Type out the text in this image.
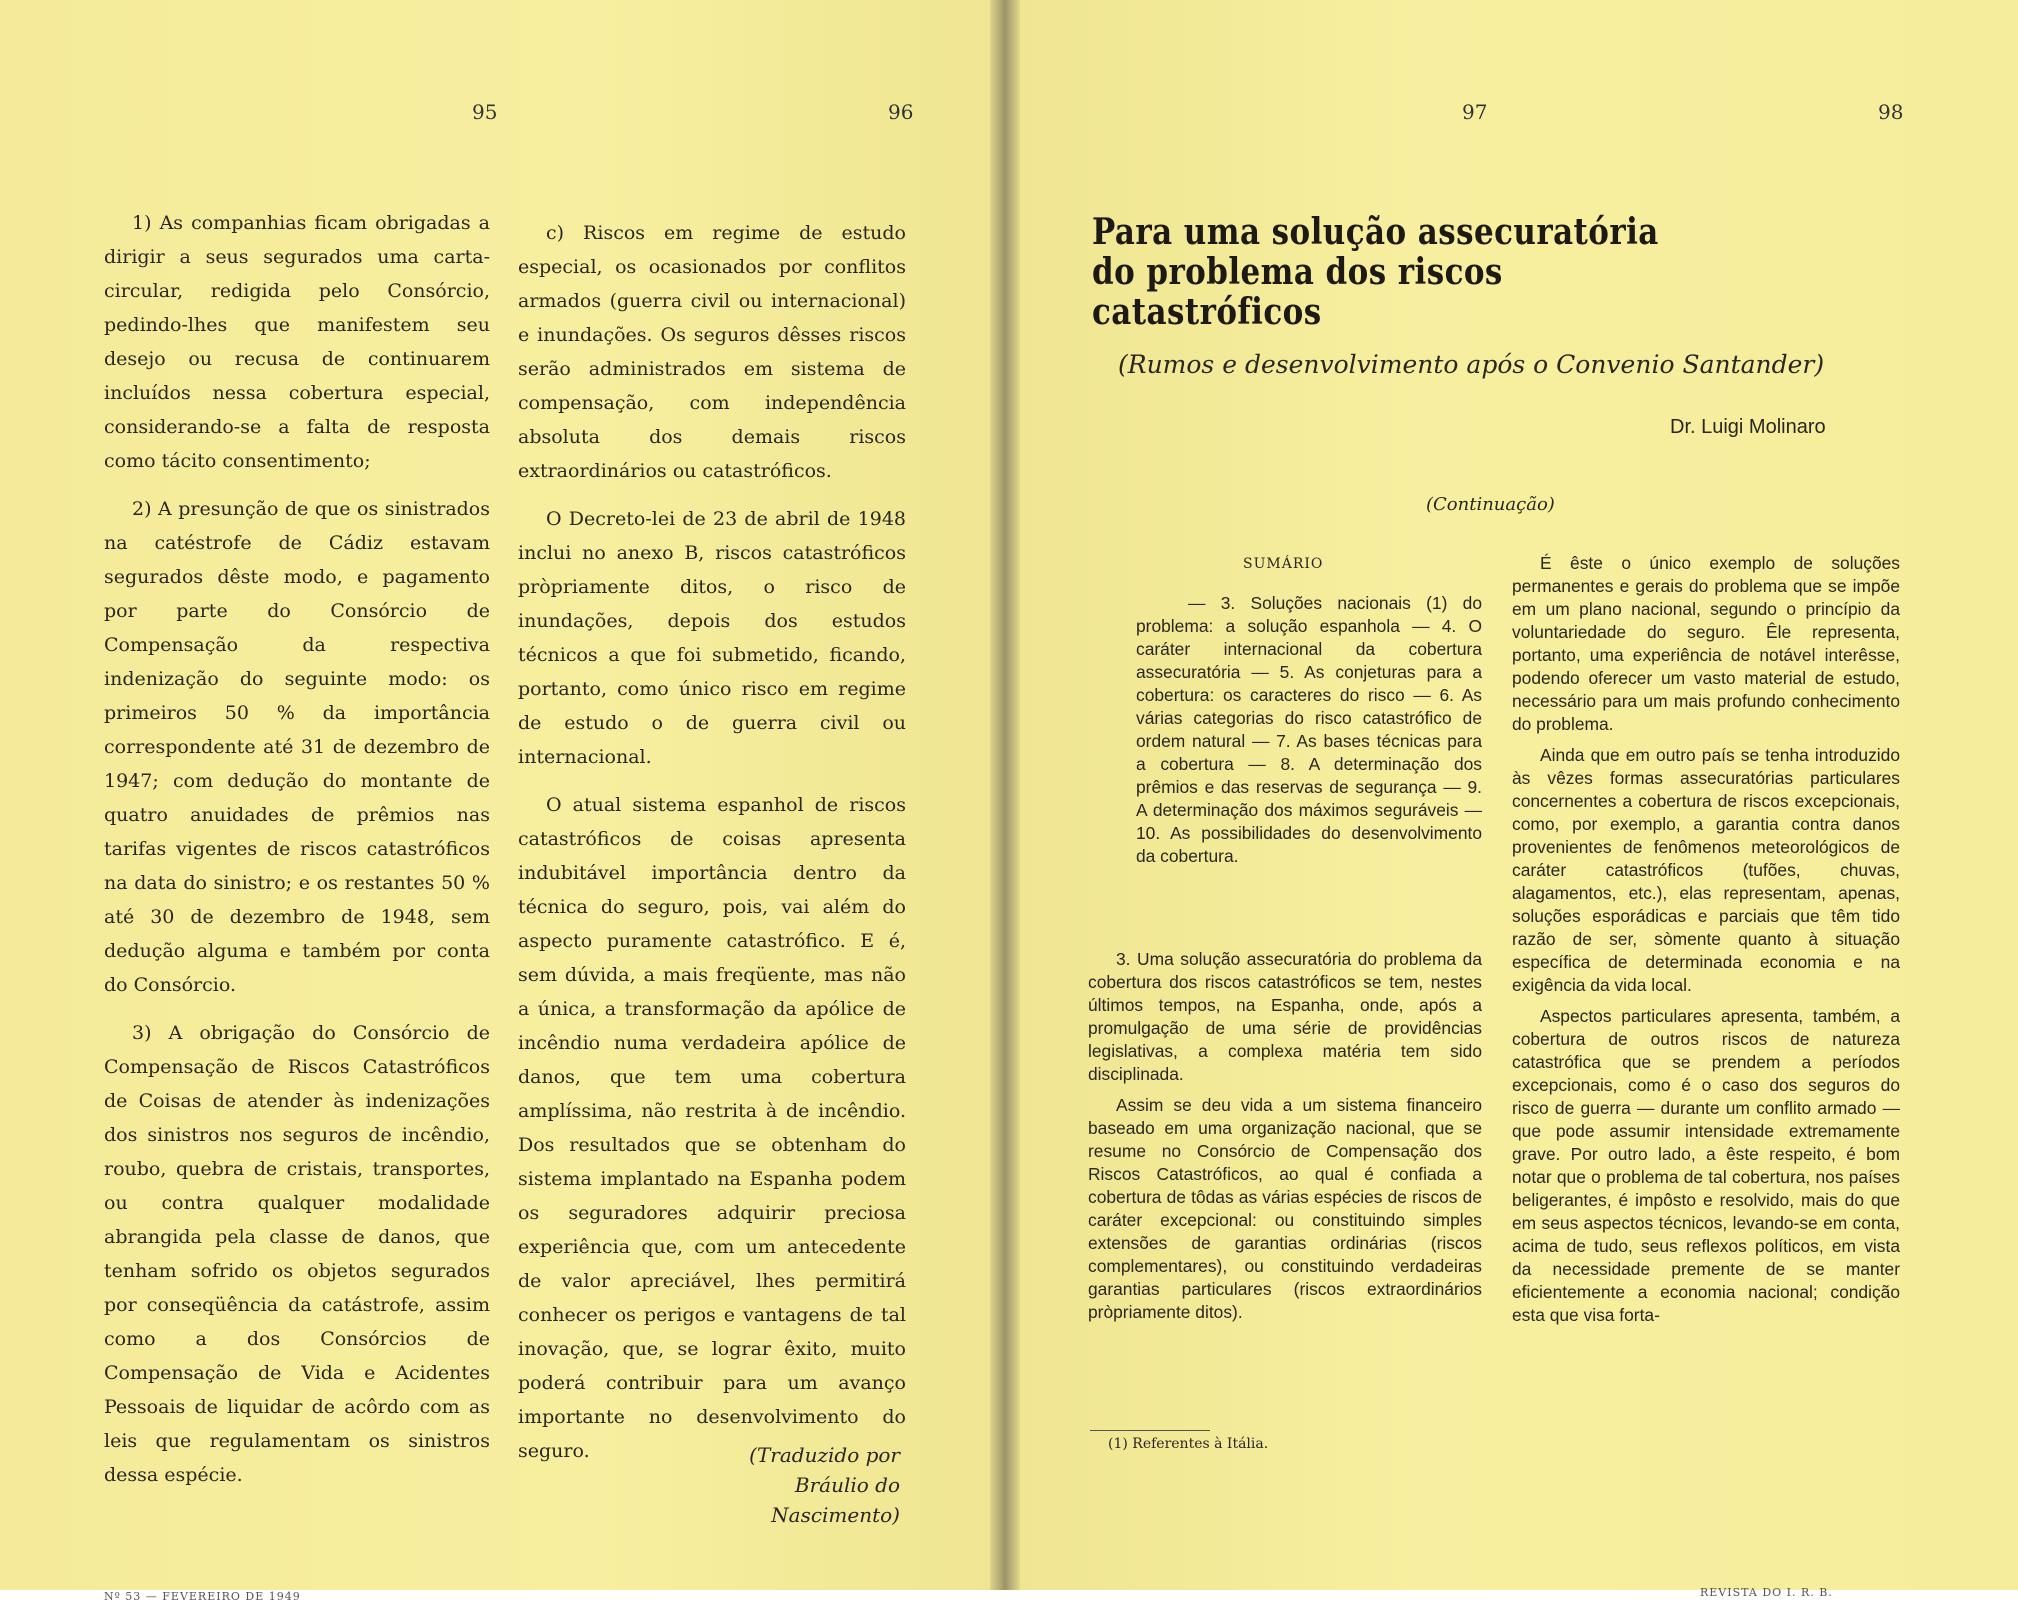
95	96	97	98

1) As companhias ficam obrigadas a dirigir a seus segurados uma carta-circular, redigida pelo Consórcio, pedindo-lhes que manifestem seu desejo ou recusa de continuarem incluídos nessa cobertura especial, considerando-se a falta de resposta como tácito consentimento;

2) A presunção de que os sinistrados na catéstrofe de Cádiz estavam segurados dêste modo, e pagamento por parte do Consórcio de Compensação da respectiva indenização do seguinte modo: os primeiros 50 % da importância correspondente até 31 de dezembro de 1947; com dedução do montante de quatro anuidades de prêmios nas tarifas vigentes de riscos catastróficos na data do sinistro; e os restantes 50 % até 30 de dezembro de 1948, sem dedução alguma e também por conta do Consórcio.

3) A obrigação do Consórcio de Compensação de Riscos Catastróficos de Coisas de atender às indenizações dos sinistros nos seguros de incêndio, roubo, quebra de cristais, transportes, ou contra qualquer modalidade abrangida pela classe de danos, que tenham sofrido os objetos segurados por conseqüência da catástrofe, assim como a dos Consórcios de Compensação de Vida e Acidentes Pessoais de liquidar de acôrdo com as leis que regulamentam os sinistros dessa espécie.

c) Riscos em regime de estudo especial, os ocasionados por conflitos armados (guerra civil ou internacional) e inundações. Os seguros dêsses riscos serão administrados em sistema de compensação, com independência absoluta dos demais riscos extraordinários ou catastróficos.

O Decreto-lei de 23 de abril de 1948 inclui no anexo B, riscos catastróficos pròpriamente ditos, o risco de inundações, depois dos estudos técnicos a que foi submetido, ficando, portanto, como único risco em regime de estudo o de guerra civil ou internacional.

O atual sistema espanhol de riscos catastróficos de coisas apresenta indubitável importância dentro da técnica do seguro, pois, vai além do aspecto puramente catastrófico. E é, sem dúvida, a mais freqüente, mas não a única, a transformação da apólice de incêndio numa verdadeira apólice de danos, que tem uma cobertura amplíssima, não restrita à de incêndio. Dos resultados que se obtenham do sistema implantado na Espanha podem os seguradores adquirir preciosa experiência que, com um antecedente de valor apreciável, lhes permitirá conhecer os perigos e vantagens de tal inovação, que, se lograr êxito, muito poderá contribuir para um avanço importante no desenvolvimento do seguro.	(Traduzido por
Bráulio do Nascimento)
Para uma solução assecuratória do problema dos riscos catastróficos
(Rumos e desenvolvimento após o Convenio Santander)
Dr. Luigi Molinaro
(Continuação)
SUMÁRIO

— 3. Soluções nacionais (1) do problema: a solução espanhola — 4. O caráter internacional da cobertura assecuratória — 5. As conjeturas para a cobertura: os caracteres do risco — 6. As várias categorias do risco catastrófico de ordem natural — 7. As bases técnicas para a cobertura — 8. A determinação dos prêmios e das reservas de segurança — 9. A determinação dos máximos seguráveis — 10. As possibilidades do desenvolvimento da cobertura.

3. Uma solução assecuratória do problema da cobertura dos riscos catastróficos se tem, nestes últimos tempos, na Espanha, onde, após a promulgação de uma série de providências legislativas, a complexa matéria tem sido disciplinada.

Assim se deu vida a um sistema financeiro baseado em uma organização nacional, que se resume no Consórcio de Compensação dos Riscos Catastróficos, ao qual é confiada a cobertura de tôdas as várias espécies de riscos de caráter excepcional: ou constituindo simples extensões de garantias ordinárias (riscos complementares), ou constituindo verdadeiras garantias particulares (riscos extraordinários pròpriamente ditos).

(1) Referentes à Itália.

É êste o único exemplo de soluções permanentes e gerais do problema que se impõe em um plano nacional, segundo o princípio da voluntariedade do seguro. Êle representa, portanto, uma experiência de notável interêsse, podendo oferecer um vasto material de estudo, necessário para um mais profundo conhecimento do problema.

Ainda que em outro país se tenha introduzido às vêzes formas assecuratórias particulares concernentes a cobertura de riscos excepcionais, como, por exemplo, a garantia contra danos provenientes de fenômenos meteorológicos de caráter catastróficos (tufões, chuvas, alagamentos, etc.), elas representam, apenas, soluções esporádicas e parciais que têm tido razão de ser, sòmente quanto à situação específica de determinada economia e na exigência da vida local.

Aspectos particulares apresenta, também, a cobertura de outros riscos de natureza catastrófica que se prendem a períodos excepcionais, como é o caso dos seguros do risco de guerra — durante um conflito armado — que pode assumir intensidade extremamente grave. Por outro lado, a êste respeito, é bom notar que o problema de tal cobertura, nos países beligerantes, é impôsto e resolvido, mais do que em seus aspectos técnicos, levando-se em conta, acima de tudo, seus reflexos políticos, em vista da necessidade premente de se manter eficientemente a economia nacional; condição esta que visa forta-

Nº 53 — FEVEREIRO DE 1949	REVISTA DO I. R. B.
